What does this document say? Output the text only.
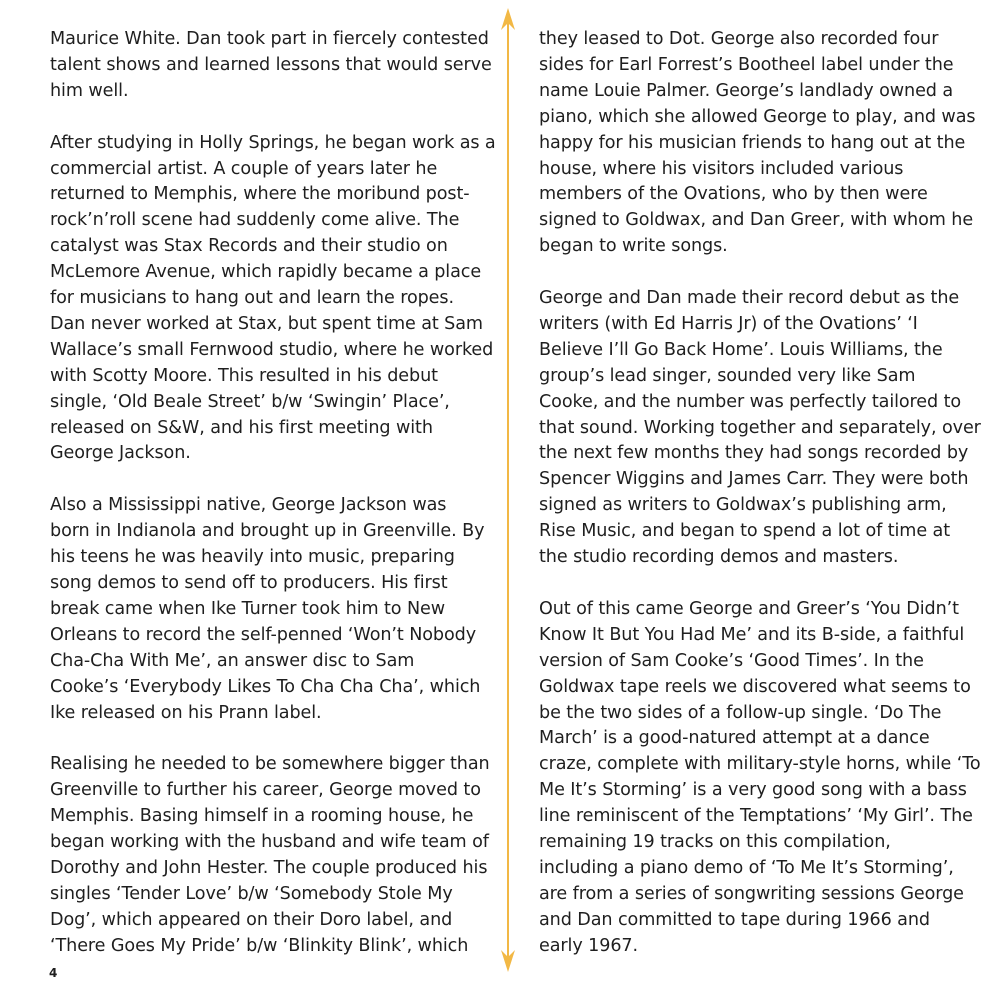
Maurice White. Dan took part in fiercely contested
talent shows and learned lessons that would serve
him well.

After studying in Holly Springs, he began work as a
commercial artist. A couple of years later he
returned to Memphis, where the moribund post-
rock’n’roll scene had suddenly come alive. The
catalyst was Stax Records and their studio on
McLemore Avenue, which rapidly became a place
for musicians to hang out and learn the ropes.
Dan never worked at Stax, but spent time at Sam
Wallace’s small Fernwood studio, where he worked
with Scotty Moore. This resulted in his debut
single, ‘Old Beale Street’ b/w ‘Swingin’ Place’,
released on S&W, and his first meeting with
George Jackson.

Also a Mississippi native, George Jackson was
born in Indianola and brought up in Greenville. By
his teens he was heavily into music, preparing
song demos to send off to producers. His first
break came when Ike Turner took him to New
Orleans to record the self-penned ‘Won’t Nobody
Cha-Cha With Me’, an answer disc to Sam
Cooke’s ‘Everybody Likes To Cha Cha Cha’, which
Ike released on his Prann label.

Realising he needed to be somewhere bigger than
Greenville to further his career, George moved to
Memphis. Basing himself in a rooming house, he
began working with the husband and wife team of
Dorothy and John Hester. The couple produced his
singles ‘Tender Love’ b/w ‘Somebody Stole My
Dog’, which appeared on their Doro label, and
‘There Goes My Pride’ b/w ‘Blinkity Blink’, which

they leased to Dot. George also recorded four
sides for Earl Forrest’s Bootheel label under the
name Louie Palmer. George’s landlady owned a
piano, which she allowed George to play, and was
happy for his musician friends to hang out at the
house, where his visitors included various
members of the Ovations, who by then were
signed to Goldwax, and Dan Greer, with whom he
began to write songs.

George and Dan made their record debut as the
writers (with Ed Harris Jr) of the Ovations’ ‘I
Believe I’ll Go Back Home’. Louis Williams, the
group’s lead singer, sounded very like Sam
Cooke, and the number was perfectly tailored to
that sound. Working together and separately, over
the next few months they had songs recorded by
Spencer Wiggins and James Carr. They were both
signed as writers to Goldwax’s publishing arm,
Rise Music, and began to spend a lot of time at
the studio recording demos and masters.

Out of this came George and Greer’s ‘You Didn’t
Know It But You Had Me’ and its B-side, a faithful
version of Sam Cooke’s ‘Good Times’. In the
Goldwax tape reels we discovered what seems to
be the two sides of a follow-up single. ‘Do The
March’ is a good-natured attempt at a dance
craze, complete with military-style horns, while ‘To
Me It’s Storming’ is a very good song with a bass
line reminiscent of the Temptations’ ‘My Girl’. The
remaining 19 tracks on this compilation,
including a piano demo of ‘To Me It’s Storming’,
are from a series of songwriting sessions George
and Dan committed to tape during 1966 and
early 1967.

4
